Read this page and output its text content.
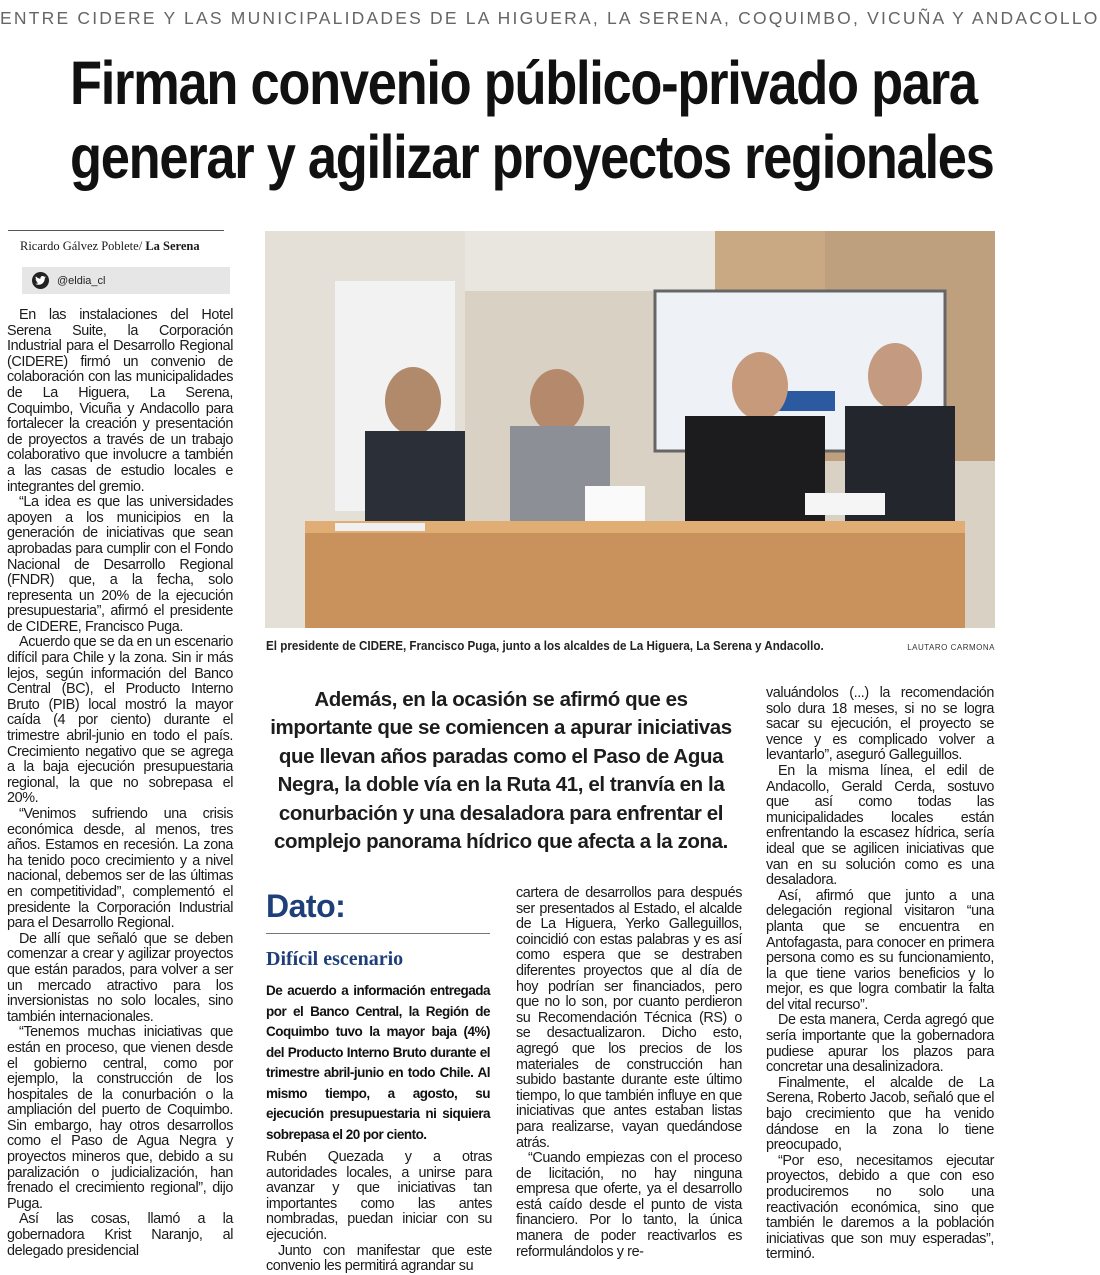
ENTRE CIDERE Y LAS MUNICIPALIDADES DE LA HIGUERA, LA SERENA, COQUIMBO, VICUÑA Y ANDACOLLO
Firman convenio público-privado para
generar y agilizar proyectos regionales
Ricardo Gálvez Poblete/ La Serena
@eldia_cl
El presidente de CIDERE, Francisco Puga, junto a los alcaldes de La Higuera, La Serena y Andacollo.	LAUTARO CARMONA

En las instalaciones del Hotel Serena Suite, la Corporación Industrial para el Desarrollo Regional (CIDERE) firmó un convenio de colaboración con las municipalidades de La Higuera, La Serena, Coquimbo, Vicuña y Andacollo para fortalecer la creación y presentación de proyectos a través de un trabajo colaborativo que involucre a también a las casas de estudio locales e integrantes del gremio.

“La idea es que las universidades apoyen a los municipios en la generación de iniciativas que sean aprobadas para cumplir con el Fondo Nacional de Desarrollo Regional (FNDR) que, a la fecha, solo representa un 20% de la ejecución presupuestaria”, afirmó el presidente de CIDERE, Francisco Puga.

Acuerdo que se da en un escenario difícil para Chile y la zona. Sin ir más lejos, según información del Banco Central (BC), el Producto Interno Bruto (PIB) local mostró la mayor caída (4 por ciento) durante el trimestre abril-junio en todo el país. Crecimiento negativo que se agrega a la baja ejecución presupuestaria regional, la que no sobrepasa el 20%.

“Venimos sufriendo una crisis económica desde, al menos, tres años. Estamos en recesión. La zona ha tenido poco crecimiento y a nivel nacional, debemos ser de las últimas en competitividad”, complementó el presidente la Corporación Industrial para el Desarrollo Regional.

De allí que señaló que se deben comenzar a crear y agilizar proyectos que están parados, para volver a ser un mercado atractivo para los inversionistas no solo locales, sino también internacionales.

“Tenemos muchas iniciativas que están en proceso, que vienen desde el gobierno central, como por ejemplo, la construcción de los hospitales de la conurbación o la ampliación del puerto de Coquimbo. Sin embargo, hay otros desarrollos como el Paso de Agua Negra y proyectos mineros que, debido a su paralización o judicialización, han frenado el crecimiento regional”, dijo Puga.

Así las cosas, llamó a la gobernadora Krist Naranjo, al delegado presidencial

Además, en la ocasión se afirmó que es importante que se comiencen a apurar iniciativas que llevan años paradas como el Paso de Agua Negra, la doble vía en la Ruta 41, el tranvía en la conurbación y una desaladora para enfrentar el complejo panorama hídrico que afecta a la zona.
Dato:
Difícil escenario
De acuerdo a información entregada por el Banco Central, la Región de Coquimbo tuvo la mayor baja (4%) del Producto Interno Bruto durante el trimestre abril-junio en todo Chile. Al mismo tiempo, a agosto, su ejecución presupuestaria ni siquiera sobrepasa el 20 por ciento.

Rubén Quezada y a otras autoridades locales, a unirse para avanzar y que iniciativas tan importantes como las antes nombradas, puedan iniciar con su ejecución.

Junto con manifestar que este convenio les permitirá agrandar su

cartera de desarrollos para después ser presentados al Estado, el alcalde de La Higuera, Yerko Galleguillos, coincidió con estas palabras y es así como espera que se destraben diferentes proyectos que al día de hoy podrían ser financiados, pero que no lo son, por cuanto perdieron su Recomendación Técnica (RS) o se desactualizaron. Dicho esto, agregó que los precios de los materiales de construcción han subido bastante durante este último tiempo, lo que también influye en que iniciativas que antes estaban listas para realizarse, vayan quedándose atrás.

“Cuando empiezas con el proceso de licitación, no hay ninguna empresa que oferte, ya el desarrollo está caído desde el punto de vista financiero. Por lo tanto, la única manera de poder reactivarlos es reformulándolos y re-

valuándolos (...) la recomendación solo dura 18 meses, si no se logra sacar su ejecución, el proyecto se vence y es complicado volver a levantarlo”, aseguró Galleguillos.

En la misma línea, el edil de Andacollo, Gerald Cerda, sostuvo que así como todas las municipalidades locales están enfrentando la escasez hídrica, sería ideal que se agilicen iniciativas que van en su solución como es una desaladora.

Así, afirmó que junto a una delegación regional visitaron “una planta que se encuentra en Antofagasta, para conocer en primera persona como es su funcionamiento, la que tiene varios beneficios y lo mejor, es que logra combatir la falta del vital recurso”.

De esta manera, Cerda agregó que sería importante que la gobernadora pudiese apurar los plazos para concretar una desalinizadora.

Finalmente, el alcalde de La Serena, Roberto Jacob, señaló que el bajo crecimiento que ha venido dándose en la zona lo tiene preocupado,

“Por eso, necesitamos ejecutar proyectos, debido a que con eso produciremos no solo una reactivación económica, sino que también le daremos a la población iniciativas que son muy esperadas”, terminó.
